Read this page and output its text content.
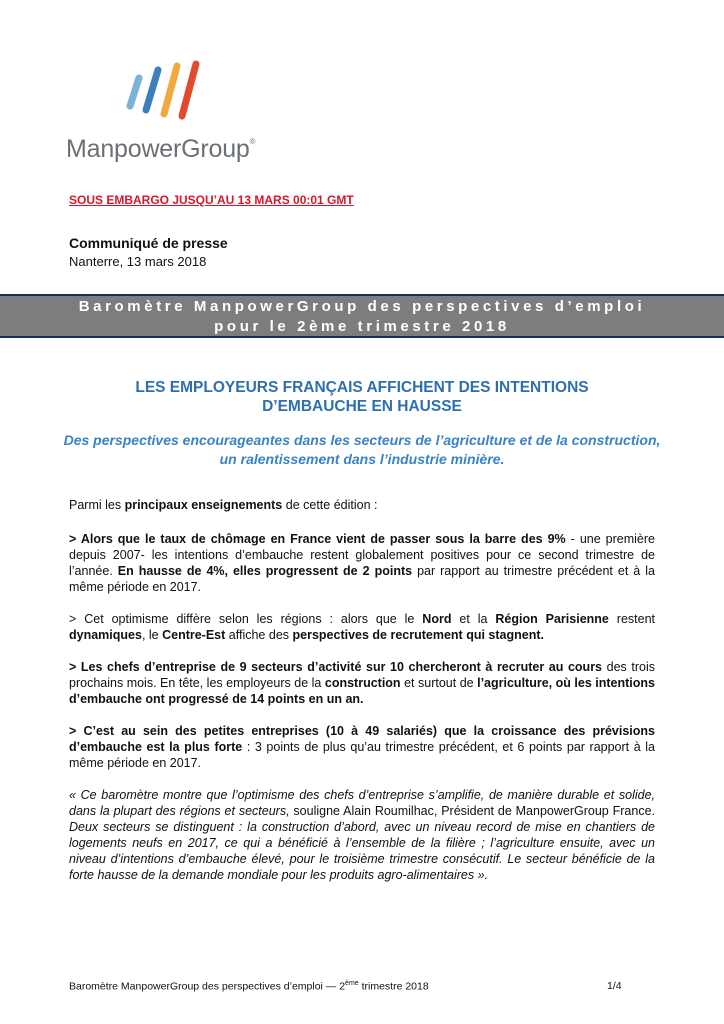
ManpowerGroup®
SOUS EMBARGO JUSQU’AU 13 MARS 00:01 GMT
Communiqué de presse
Nanterre, 13 mars 2018
Baromètre ManpowerGroup des perspectives d’emploi
pour le 2ème trimestre 2018
LES EMPLOYEURS FRANÇAIS AFFICHENT DES INTENTIONS
D’EMBAUCHE EN HAUSSE
Des perspectives encourageantes dans les secteurs de l’agriculture et de la construction, un ralentissement dans l’industrie minière.

Parmi les principaux enseignements de cette édition :

> Alors que le taux de chômage en France vient de passer sous la barre des 9% - une première depuis 2007- les intentions d’embauche restent globalement positives pour ce second trimestre de l’année. En hausse de 4%, elles progressent de 2 points par rapport au trimestre précédent et à la même période en 2017.

> Cet optimisme diffère selon les régions : alors que le Nord et la Région Parisienne restent dynamiques, le Centre-Est affiche des perspectives de recrutement qui stagnent.

> Les chefs d’entreprise de 9 secteurs d’activité sur 10 chercheront à recruter au cours des trois prochains mois. En tête, les employeurs de la construction et surtout de l’agriculture, où les intentions d’embauche ont progressé de 14 points en un an.

> C’est au sein des petites entreprises (10 à 49 salariés) que la croissance des prévisions d’embauche est la plus forte : 3 points de plus qu’au trimestre précédent, et 6 points par rapport à la même période en 2017.

« Ce baromètre montre que l’optimisme des chefs d’entreprise s’amplifie, de manière durable et solide, dans la plupart des régions et secteurs, souligne Alain Roumilhac, Président de ManpowerGroup France. Deux secteurs se distinguent : la construction d’abord, avec un niveau record de mise en chantiers de logements neufs en 2017, ce qui a bénéficié à l’ensemble de la filière ; l’agriculture ensuite, avec un niveau d’intentions d’embauche élevé, pour le troisième trimestre consécutif. Le secteur bénéficie de la forte hausse de la demande mondiale pour les produits agro-alimentaires ».

Baromètre ManpowerGroup des perspectives d’emploi — 2ème trimestre 2018	1/4
